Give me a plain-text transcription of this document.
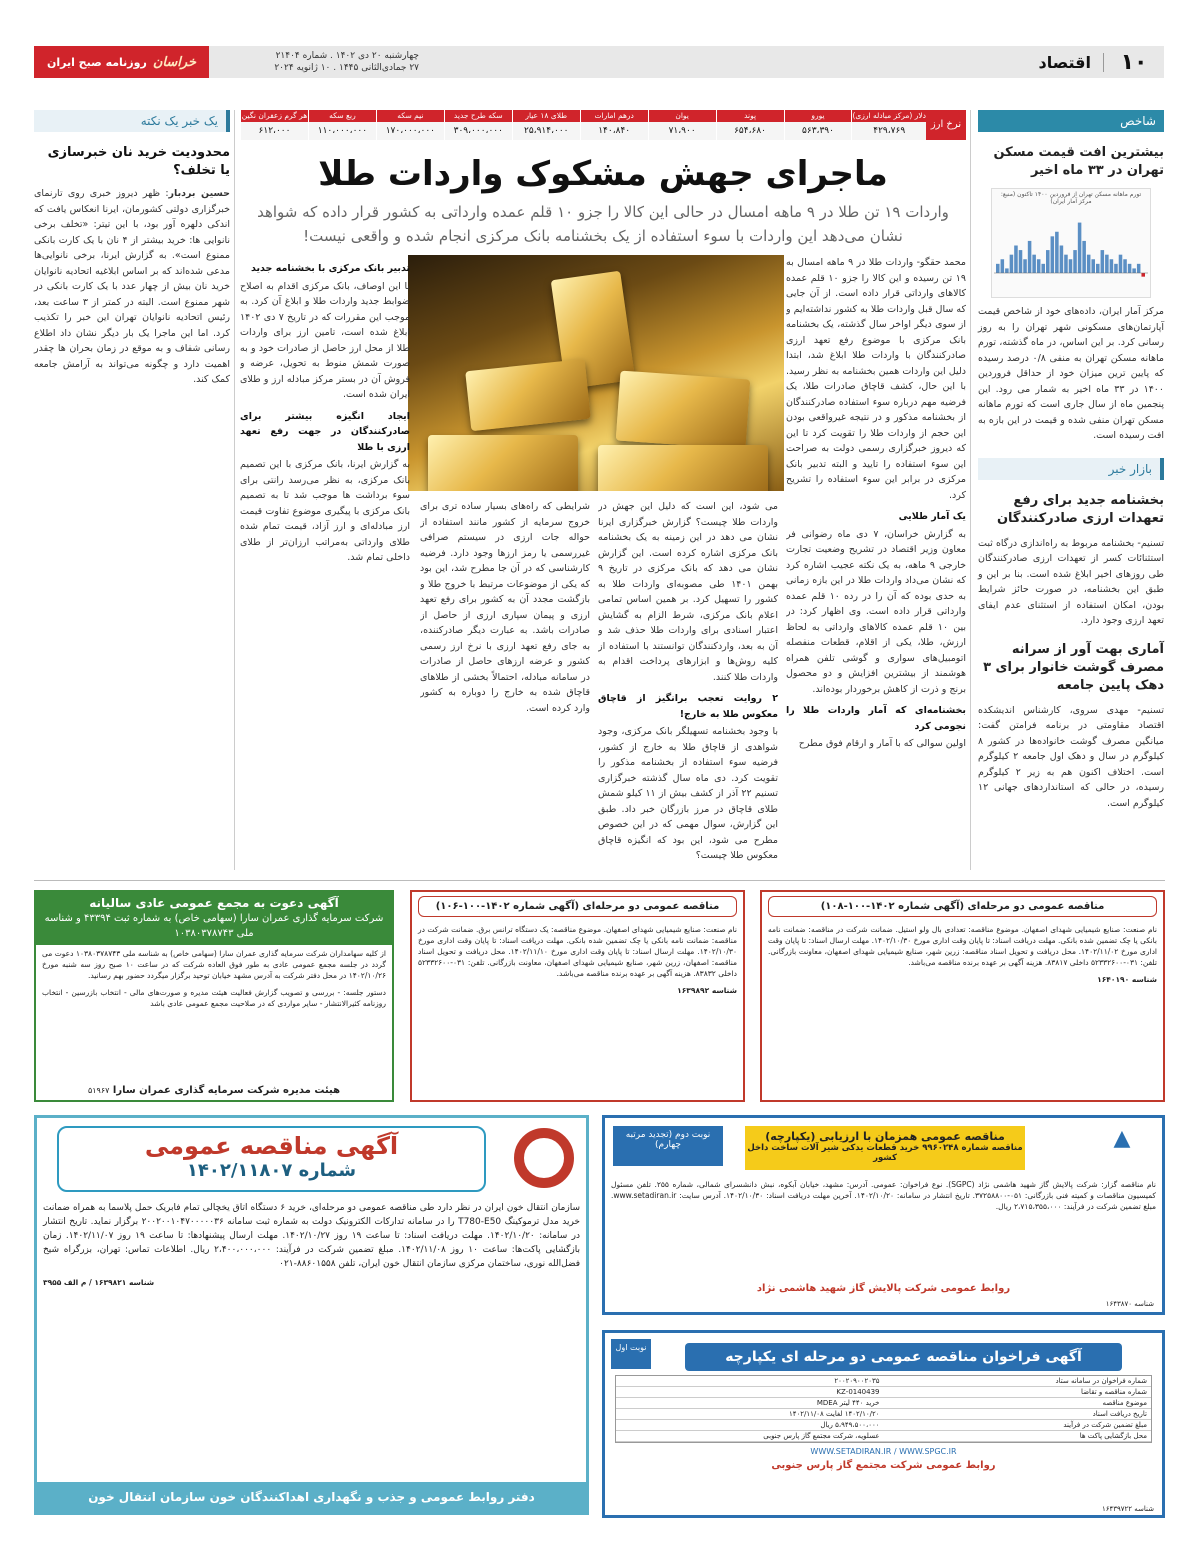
۱۰
اقتصاد
چهارشنبه ۲۰ دی ۱۴۰۲ . شماره ۲۱۴۰۴
۲۷ جمادی‌الثانی ۱۴۴۵ . ۱۰ ژانویه ۲۰۲۴
خراسان
روزنامه صبح ایران
نرخ ارز
دلار (مرکز مبادله ارزی)
۴۲۹،۷۶۹
یورو
۵۶۳،۳۹۰
پوند
۶۵۴،۶۸۰
یوان
۷۱،۹۰۰
درهم امارات
۱۴۰،۸۴۰
طلای ۱۸ عیار
۲۵،۹۱۴،۰۰۰
سکه طرح جدید
۳۰۹،۰۰۰،۰۰۰
نیم سکه
۱۷۰،۰۰۰،۰۰۰
ربع سکه
۱۱۰،۰۰۰،۰۰۰
هر گرم زعفران نگین
۶۱۲،۰۰۰
ماجرای جهش مشکوک واردات طلا
واردات ۱۹ تن طلا در ۹ ماهه امسال در حالی این کالا را جزو ۱۰ قلم عمده وارداتی به کشور قرار داده که شواهد نشان می‌دهد این واردات با سوء استفاده از یک بخشنامه بانک مرکزی انجام شده و واقعی نیست!
محمد حقگو- واردات طلا در ۹ ماهه امسال به ۱۹ تن رسیده و این کالا را جزو ۱۰ قلم عمده کالاهای وارداتی قرار داده است. از آن جایی که سال قبل واردات طلا به کشور نداشته‌ایم و از سوی دیگر اواخر سال گذشته، یک بخشنامه بانک مرکزی با موضوع رفع تعهد ارزی صادرکنندگان با واردات طلا ابلاغ شد، ابتدا دلیل این واردات همین بخشنامه به نظر رسید. با این حال، کشف قاچاق صادرات طلا، یک فرضیه مهم درباره سوء استفاده صادرکنندگان از بخشنامه مذکور و در نتیجه غیرواقعی بودن این حجم از واردات طلا را تقویت کرد تا این که دیروز خبرگزاری رسمی دولت به صراحت این سوء استفاده را تایید و البته تدبیر بانک مرکزی در برابر این سوء استفاده را تشریح کرد.
یک آمار طلایی
به گزارش خراسان، ۷ دی ماه رضوانی فر معاون وزیر اقتصاد در تشریح وضعیت تجارت خارجی ۹ ماهه، به یک نکته عجیب اشاره کرد که نشان می‌داد واردات طلا در این بازه زمانی به حدی بوده که آن را در رده ۱۰ قلم عمده وارداتی قرار داده است. وی اظهار کرد: در بین ۱۰ قلم عمده کالاهای وارداتی به لحاظ ارزش، طلا، یکی از اقلام، قطعات منفصله اتومبیل‌های سواری و گوشی تلفن همراه هوشمند از بیشترین افزایش و دو محصول برنج و ذرت از کاهش برخوردار بوده‌اند.
بخشنامه‌ای که آمار واردات طلا را نجومی کرد
اولین سوالی که با آمار و ارقام فوق مطرح
می شود، این است که دلیل این جهش در واردات طلا چیست؟ گزارش خبرگزاری ایرنا نشان می دهد در این زمینه به یک بخشنامه بانک مرکزی اشاره کرده است. این گزارش نشان می دهد که بانک مرکزی در تاریخ ۹ بهمن ۱۴۰۱ طی مصوبه‌ای واردات طلا به کشور را تسهیل کرد. بر همین اساس تمامی اعلام بانک مرکزی، شرط الزام به گشایش اعتبار اسنادی برای واردات طلا حذف شد و آن به بعد، واردکنندگان توانستند با استفاده از کلیه روش‌ها و ابزارهای پرداخت اقدام به واردات طلا کنند.
۲ روایت تعجب برانگیز از قاچاق معکوس طلا به خارج!
با وجود بخشنامه تسهیلگر بانک مرکزی، وجود شواهدی از قاچاق طلا به خارج از کشور، فرضیه سوء استفاده از بخشنامه مذکور را تقویت کرد. دی ماه سال گذشته خبرگزاری تسنیم ۲۲ آذر از کشف بیش از ۱۱ کیلو شمش طلای قاچاق در مرز بازرگان خبر داد. طبق این گزارش، سوال مهمی که در این خصوص مطرح می شود، این بود که انگیزه قاچاق معکوس طلا چیست؟
شرایطی که راه‌های بسیار ساده تری برای خروج سرمایه از کشور مانند استفاده از حواله جات ارزی در سیستم صرافی غیررسمی یا رمز ارزها وجود دارد. فرضیه کارشناسی که در آن جا مطرح شد، این بود که یکی از موضوعات مرتبط با خروج طلا و بازگشت مجدد آن به کشور برای رفع تعهد ارزی و پیمان سپاری ارزی از حاصل از صادرات باشد. به عبارت دیگر صادرکننده، به جای رفع تعهد ارزی با نرخ ارز رسمی کشور و عرضه ارزهای حاصل از صادرات در سامانه مبادله، احتمالاً بخشی از طلاهای قاچاق شده به خارج را دوباره به کشور وارد کرده است.
تدبیر بانک مرکزی با بخشنامه جدید
با این اوصاف، بانک مرکزی اقدام به اصلاح ضوابط جدید واردات طلا و ابلاغ آن کرد. به موجب این مقررات که در تاریخ ۷ دی ۱۴۰۲ ابلاغ شده است، تامین ارز برای واردات طلا از محل ارز حاصل از صادرات خود و به صورت شمش منوط به تحویل، عرضه و فروش آن در بستر مرکز مبادله ارز و طلای ایران شده است.
ایجاد انگیزه بیشتر برای صادرکنندگان در جهت رفع تعهد ارزی با طلا
به گزارش ایرنا، بانک مرکزی با این تصمیم بانک مرکزی، به نظر می‌رسد رانتی برای سوء برداشت ها موجب شد تا به تصمیم بانک مرکزی با پیگیری موضوع تفاوت قیمت ارز مبادله‌ای و ارز آزاد، قیمت تمام شده طلای وارداتی به‌مراتب ارزان‌تر از طلای داخلی تمام شد.
شاخص
بیشترین افت قیمت مسکن تهران در ۳۳ ماه اخیر
تورم ماهانه مسکن تهران از فروردین ۱۴۰۰ تاکنون (منبع: مرکز آمار ایران)
مرکز آمار ایران، داده‌های خود از شاخص قیمت آپارتمان‌های مسکونی شهر تهران را به روز رسانی کرد. بر این اساس، در ماه گذشته، تورم ماهانه مسکن تهران به منفی ۰/۸ درصد رسیده که پایین ترین میزان خود از حداقل فروردین ۱۴۰۰ در ۳۳ ماه اخیر به شمار می رود. این پنجمین ماه از سال جاری است که تورم ماهانه مسکن تهران منفی شده و قیمت در این بازه به افت رسیده است.
بازار خبر
بخشنامه جدید برای رفع تعهدات ارزی صادرکنندگان
تسنیم- بخشنامه مربوط به راه‌اندازی درگاه ثبت استثنائات کسر از تعهدات ارزی صادرکنندگان طی روزهای اخیر ابلاغ شده است. بنا بر این و طبق این بخشنامه، در صورت حائز شرایط بودن، امکان استفاده از استثنای عدم ایفای تعهد ارزی وجود دارد.
آماری بهت آور از سرانه مصرف گوشت خانوار برای ۳ دهک پایین جامعه
تسنیم- مهدی سروی، کارشناس اندیشکده اقتصاد مقاومتی در برنامه فرامتن گفت: میانگین مصرف گوشت خانواده‌ها در کشور ۸ کیلوگرم در سال و دهک اول جامعه ۲ کیلوگرم است. اختلاف اکنون هم به زیر ۲ کیلوگرم رسیده، در حالی که استانداردهای جهانی ۱۲ کیلوگرم است.
یک خبر یک نکته
محدودیت خرید نان خبرسازی یا تخلف؟
حسین بردبار: ظهر دیروز خبری روی تارنمای خبرگزاری دولتی کشورمان، ایرنا انعکاس یافت که اندکی دلهره آور بود، با این تیتر: «تخلف برخی نانوایی ها: خرید بیشتر از ۴ نان با یک کارت بانکی ممنوع است». به گزارش ایرنا، برخی نانوایی‌ها مدعی شده‌اند که بر اساس ابلاغیه اتحادیه نانوایان خرید نان بیش از چهار عدد با یک کارت بانکی در شهر ممنوع است. البته در کمتر از ۳ ساعت بعد، رئیس اتحادیه نانوایان تهران این خبر را تکذیب کرد. اما این ماجرا یک بار دیگر نشان داد اطلاع رسانی شفاف و به موقع در زمان بحران ها چقدر اهمیت دارد و چگونه می‌تواند به آرامش جامعه کمک کند.
آگهی دعوت به مجمع عمومی عادی سالیانه
شرکت سرمایه گذاری عمران سارا (سهامی خاص) به شماره ثبت ۴۳۳۹۴ و شناسه ملی ۱۰۳۸۰۳۷۸۷۴۳
از کلیه سهامداران شرکت سرمایه گذاری عمران سارا (سهامی خاص) به شناسه ملی ۱۰۳۸۰۳۷۸۷۴۳ دعوت می گردد در جلسه مجمع عمومی عادی به طور فوق العاده شرکت که در ساعت ۱۰ صبح روز سه شنبه مورخ ۱۴۰۲/۱۰/۲۶ در محل دفتر شرکت به آدرس مشهد خیابان توحید برگزار میگردد حضور بهم رسانید.
دستور جلسه: - بررسی و تصویب گزارش فعالیت هیئت مدیره و صورت‌های مالی - انتخاب بازرسین - انتخاب روزنامه کثیرالانتشار - سایر مواردی که در صلاحیت مجمع عمومی عادی باشد
هیئت مدیره شرکت سرمایه گذاری عمران سارا ۵۱۹۶۷
مناقصه عمومی دو مرحله‌ای (آگهی شماره ۱۴۰۲-۱۰۰-۱۰۶)
نام صنعت: صنایع شیمیایی شهدای اصفهان. موضوع مناقصه: یک دستگاه ترانس برق. ضمانت شرکت در مناقصه: ضمانت نامه بانکی یا چک تضمین شده بانکی. مهلت دریافت اسناد: تا پایان وقت اداری مورخ ۱۴۰۲/۱۰/۳۰. مهلت ارسال اسناد: تا پایان وقت اداری مورخ ۱۴۰۲/۱۱/۱۰. محل دریافت و تحویل اسناد مناقصه: اصفهان، زرین شهر، صنایع شیمیایی شهدای اصفهان، معاونت بازرگانی. تلفن: ۰۳۱-۵۲۳۳۲۶۰۰ داخلی ۸۳۸۳۲. هزینه آگهی بر عهده برنده مناقصه می‌باشد.
شناسه ۱۶۳۹۸۹۲
مناقصه عمومی دو مرحله‌ای (آگهی شماره ۱۴۰۲-۱۰۰-۱۰۸)
نام صنعت: صنایع شیمیایی شهدای اصفهان. موضوع مناقصه: تعدادی بال ولو استیل. ضمانت شرکت در مناقصه: ضمانت نامه بانکی یا چک تضمین شده بانکی. مهلت دریافت اسناد: تا پایان وقت اداری مورخ ۱۴۰۲/۱۰/۳۰. مهلت ارسال اسناد: تا پایان وقت اداری مورخ ۱۴۰۲/۱۱/۰۲. محل دریافت و تحویل اسناد مناقصه: زرین شهر، صنایع شیمیایی شهدای اصفهان، معاونت بازرگانی. تلفن: ۰۳۱-۵۲۳۳۲۶۰۰ داخلی ۸۳۸۱۷. هزینه آگهی بر عهده برنده مناقصه می‌باشد.
شناسه ۱۶۴۰۱۹۰
آگهی مناقصه عمومی
شماره ۱۴۰۲/۱۱۸۰۷
سازمان انتقال خون ایران در نظر دارد طی مناقصه عمومی دو مرحله‌ای، خرید ۶ دستگاه اتاق یخچالی تمام فابریک حمل پلاسما به همراه ضمانت خرید مدل ترموکینگ T780-E50 را در سامانه تدارکات الکترونیک دولت به شماره ثبت سامانه ۲۰۰۲۰۰۱۰۴۷۰۰۰۰۰۳۶ برگزار نماید. تاریخ انتشار در سامانه: ۱۴۰۲/۱۰/۲۰. مهلت دریافت اسناد: تا ساعت ۱۹ روز ۱۴۰۲/۱۰/۲۷. مهلت ارسال پیشنهادها: تا ساعت ۱۹ روز ۱۴۰۲/۱۱/۰۷. زمان بازگشایی پاکت‌ها: ساعت ۱۰ روز ۱۴۰۲/۱۱/۰۸. مبلغ تضمین شرکت در فرآیند: ۲،۴۰۰،۰۰۰،۰۰۰ ریال. اطلاعات تماس: تهران، بزرگراه شیخ فضل‌الله نوری، ساختمان مرکزی سازمان انتقال خون ایران، تلفن ۸۸۶۰۱۵۵۸-۰۲۱
شناسه ۱۶۳۹۸۲۱ / م الف ۳۹۵۵
دفتر روابط عمومی و جذب و نگهداری اهداکنندگان خون سازمان انتقال خون
نوبت دوم (تجدید مرتبه چهارم)
مناقصه عمومی همزمان با ارزیابی (یکپارچه)
مناقصه شماره ۹۹۶۰۲۴۸ خرید قطعات یدکی شیر آلات ساخت داخل کشور
▲
نام مناقصه گزار: شرکت پالایش گاز شهید هاشمی نژاد (SGPC). نوع فراخوان: عمومی. آدرس: مشهد، خیابان آبکوه، نبش دانشسرای شمالی، شماره ۲۵۵. تلفن مسئول کمیسیون مناقصات و کمیته فنی بازرگانی: ۰۵۱-۳۷۲۵۸۸۰۰. تاریخ انتشار در سامانه: ۱۴۰۲/۱۰/۲۰. آخرین مهلت دریافت اسناد: ۱۴۰۲/۱۰/۳۰. آدرس سایت: www.setadiran.ir. مبلغ تضمین شرکت در فرآیند: ۲،۷۱۵،۳۵۵،۰۰۰ ریال.
روابط عمومی شرکت پالایش گاز شهید هاشمی نژاد
شناسه ۱۶۴۳۸۷۰
نوبت اول
آگهی فراخوان مناقصه عمومی دو مرحله ای یکپارچه
شماره فراخوان در سامانه ستاد
۲۰۰۲۰۹۰۰۲۰۳۵
شماره مناقصه و تقاضا
0140439-KZ
موضوع مناقصه
خرید ۴۴۰ لیتر MDEA
تاریخ دریافت اسناد
۱۴۰۲/۱۰/۲۰ لغایت ۱۴۰۲/۱۱/۰۸
مبلغ تضمین شرکت در فرآیند
۵،۹۴۹،۵۰۰،۰۰۰ ریال
محل بازگشایی پاکت ها
عسلویه، شرکت مجتمع گاز پارس جنوبی
WWW.SETADIRAN.IR / WWW.SPGC.IR
روابط عمومی شرکت مجتمع گاز پارس جنوبی
شناسه ۱۶۴۳۹۷۲۲
